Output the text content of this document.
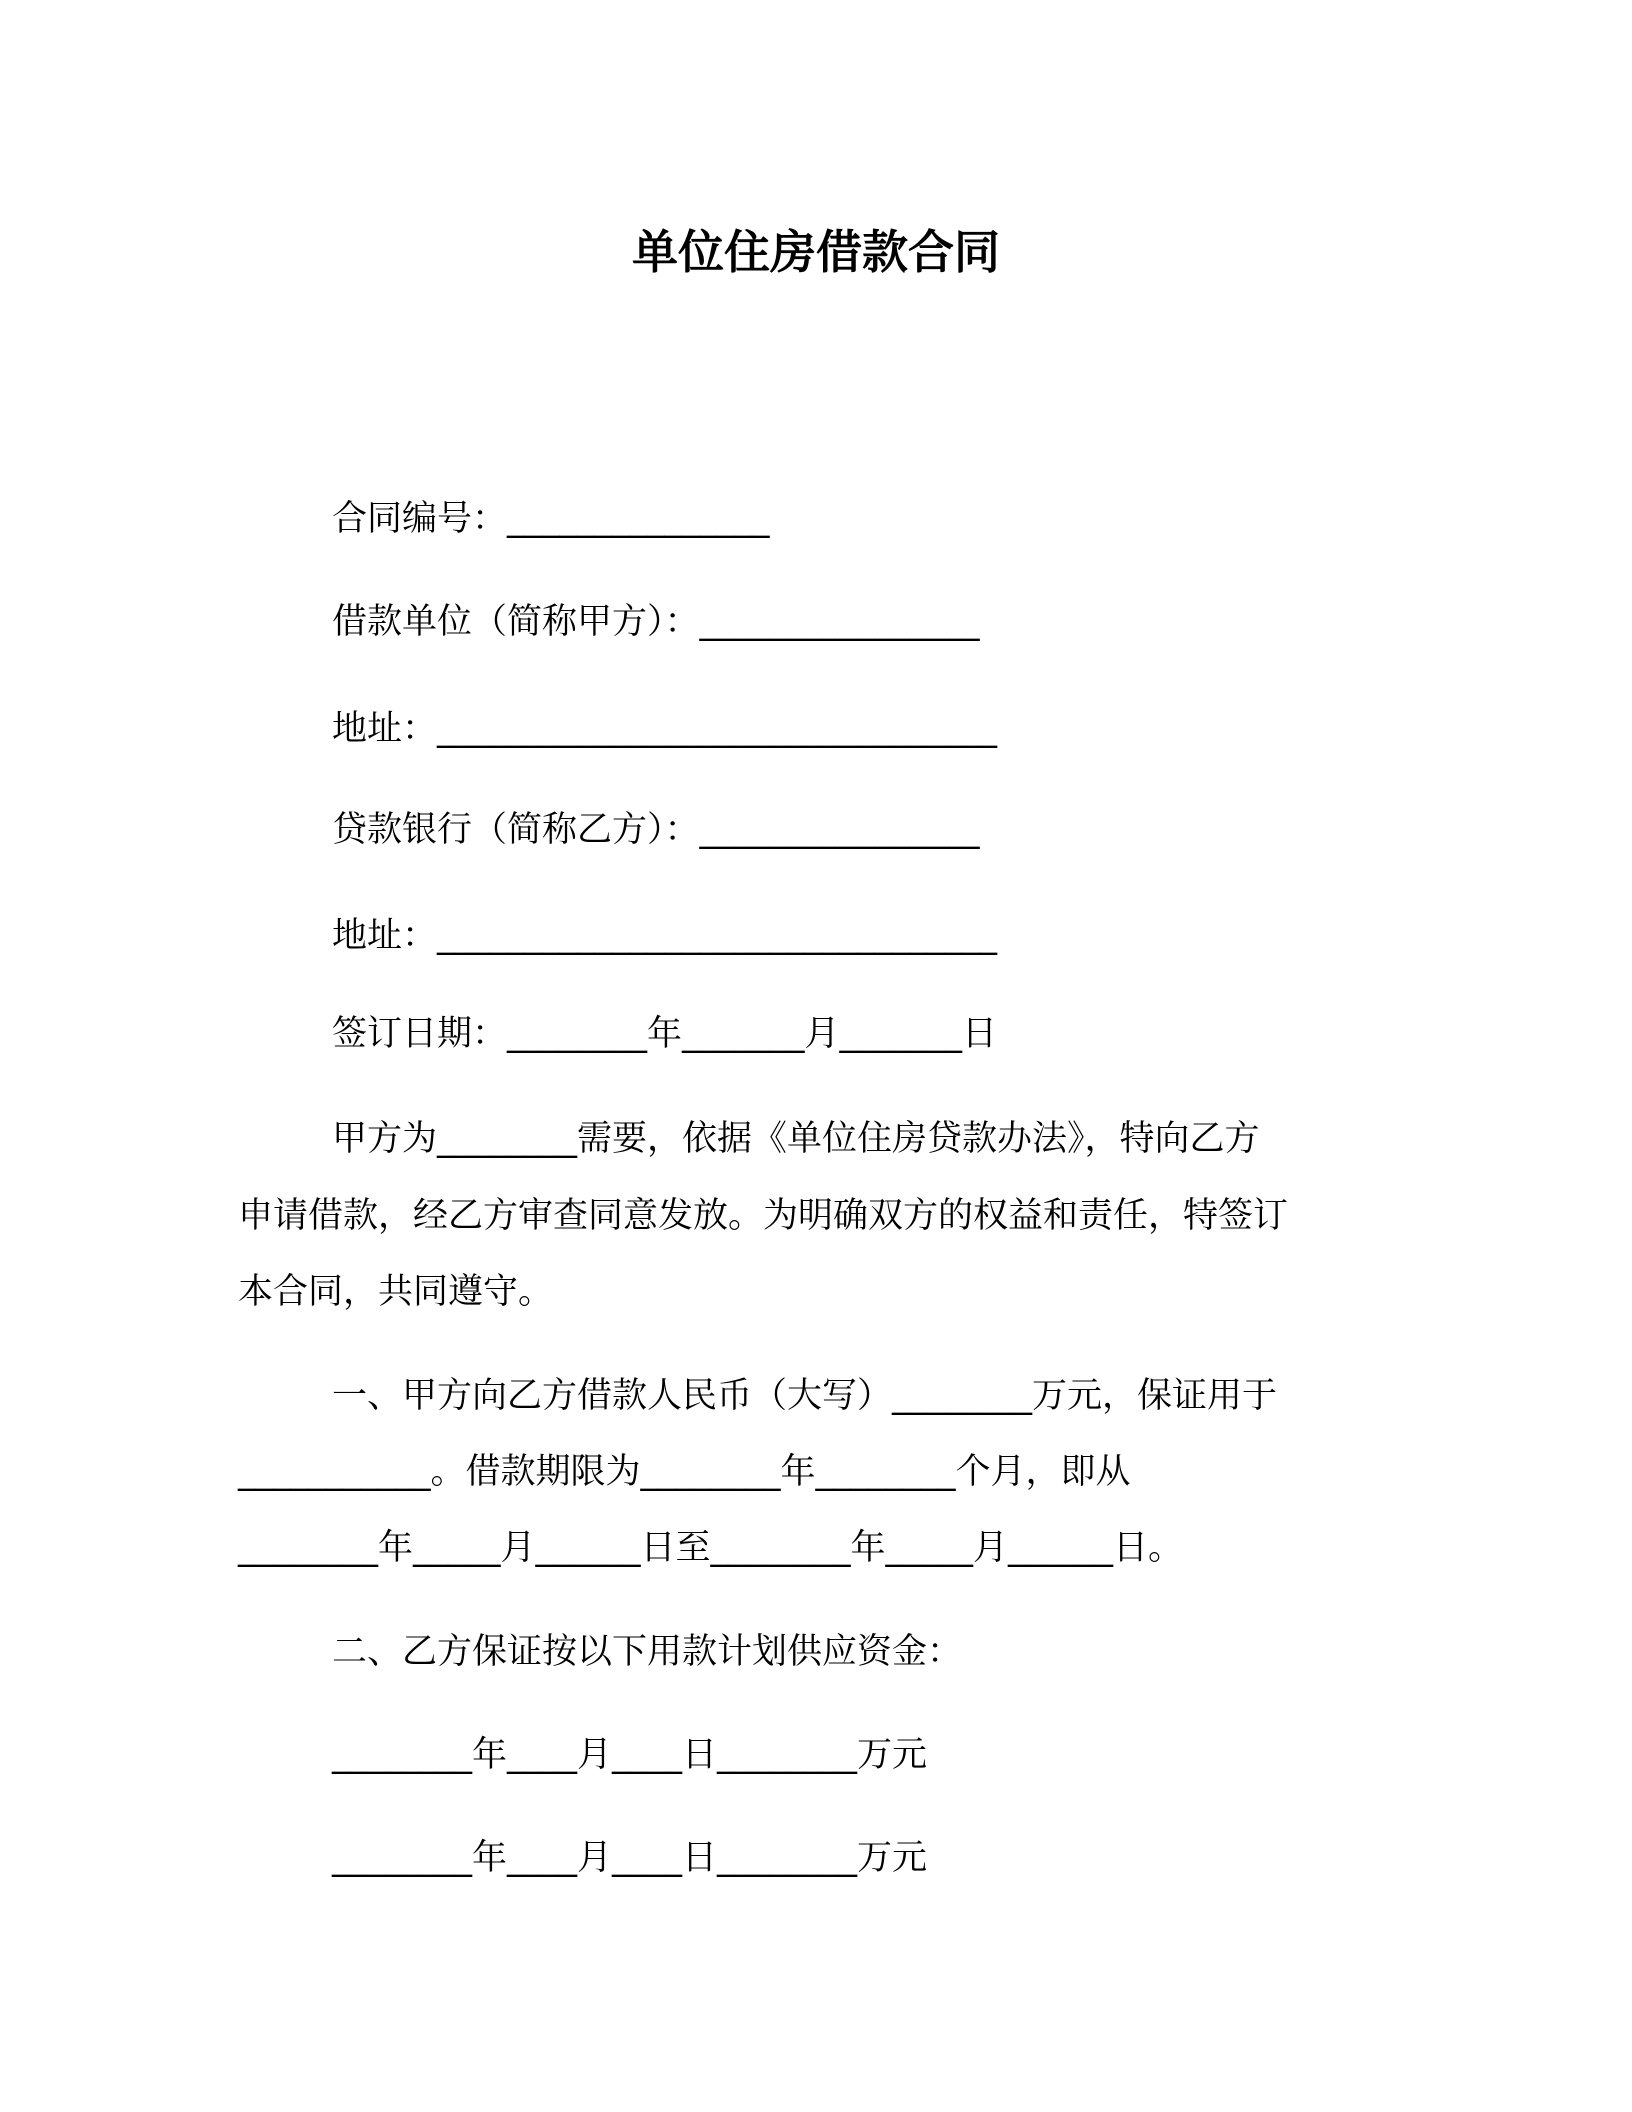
单位住房借款合同
合同编号：_______________
借款单位（简称甲方）：________________
地址：________________________________
贷款银行（简称乙方）：________________
地址：________________________________
签订日期：________年_______月_______日
甲方为________需要，依据《单位住房贷款办法》，特向乙方
申请借款，经乙方审查同意发放。为明确双方的权益和责任，特签订
本合同，共同遵守。
一、甲方向乙方借款人民币（大写）________万元，保证用于
___________。借款期限为________年________个月，即从
________年_____月______日至________年_____月______日。
二、乙方保证按以下用款计划供应资金：
________年____月____日________万元
________年____月____日________万元
